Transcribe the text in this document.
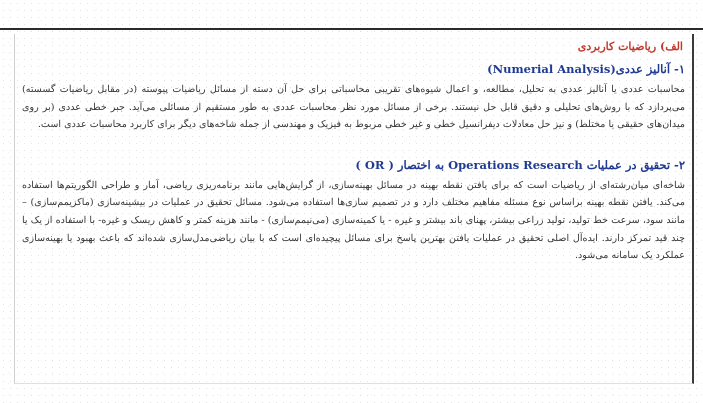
الف) ریاضیات کاربردی
۱- آنالیز عددی(Numerial Analysis)

محاسبات عددی یا آنالیز عددی به تحلیل، مطالعه، و اعمال شیوه‌های تقریبی محاسباتی برای حل آن دسته از مسائل ریاضیات پیوسته (در مقابل ریاضیات گسسته) می‌پردازد که با روش‌های تحلیلی و دقیق قابل حل نیستند. برخی از مسائل مورد نظر محاسبات عددی به طور مستقیم از مسائلی می‌آید. جبر خطی عددی (بر روی میدان‌های حقیقی یا مختلط) و نیز حل معادلات دیفرانسیل خطی و غیر خطی مربوط به فیزیک و مهندسی از جمله شاخه‌های دیگر برای کاربرد محاسبات عددی است.

۲- تحقیق در عملیات Operations Research به اختصار ( OR )

شاخه‌ای میان‌رشته‌ای از ریاضیات است که برای یافتن نقطه بهینه در مسائل بهینه‌سازی، از گرایش‌هایی مانند برنامه‌ریزی ریاضی، آمار و طراحی الگوریتم‌ها استفاده می‌کند. یافتن نقطه بهینه براساس نوع مسئله مفاهیم مختلف دارد و در تصمیم سازی‌ها استفاده می‌شود. مسائل تحقیق در عملیات در بیشینه‌سازی (ماکزیمم‌سازی) – مانند سود، سرعت خط تولید، تولید زراعی بیشتر، پهنای باند بیشتر و غیره - یا کمینه‌سازی (می‌نیمم‌سازی) - مانند هزینه کمتر و کاهش ریسک و غیره- با استفاده از یک یا چند قید تمرکز دارند. ایده‌آل اصلی تحقیق در عملیات یافتن بهترین پاسخ برای مسائل پیچیده‌ای است که با بیان ریاضی‌مدل‌سازی شده‌اند که باعث بهبود یا بهینه‌سازی عملکرد یک سامانه می‌شود.
